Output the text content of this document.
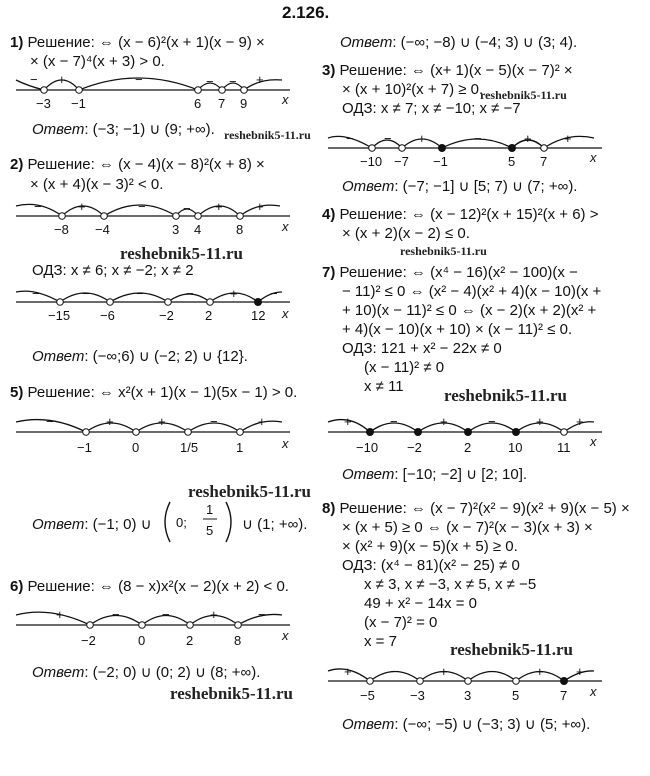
2.126.
1) Решение: ⇔ (x − 6)²(x + 1)(x − 9) ×
× (x − 7)⁴(x + 3) > 0.
− +	−	− − +
−3 −1	6 7 9	x
Ответ: (−3; −1) ∪ (9; +∞).
2) Решение: ⇔ (x − 4)(x − 8)²(x + 8) ×
× (x + 4)(x − 3)² < 0.
−	+	−	− +	+
−8 −4	3 4	8	x
ОДЗ: x ≠ 6; x ≠ −2; x ≠ 2
−	−	−	−	+ −
−15 −6	−2 2	12 x
Ответ: (−∞;6) ∪ (−2; 2) ∪ {12}.
5) Решение: ⇔ x²(x + 1)(x − 1)(5x − 1) > 0.
−	+	+	−	+
−1	0	1/5	1	x
Ответ: (−1; 0) ∪ 0;
1
5 ∪ (1; +∞).
6) Решение: ⇔ (8 − x)x²(x − 2)(x + 2) < 0.
+	−	−	+	−
−2	0	2	8	x
Ответ: (−2; 0) ∪ (0; 2) ∪ (8; +∞).
Ответ: (−∞; −8) ∪ (−4; 3) ∪ (3; 4).
3) Решение: ⇔ (x+ 1)(x − 5)(x − 7)² ×
× (x + 10)²(x + 7) ≥ 0.
ОДЗ: x ≠ 7; x ≠ −10; x ≠ −7
− − +	−	+ +
−10 −7 −1	5 7	x
Ответ: (−7; −1] ∪ [5; 7) ∪ (7; +∞).
4) Решение: ⇔ (x − 12)²(x + 15)²(x + 6) >
× (x + 2)(x − 2) ≤ 0.
7) Решение: ⇔ (x⁴ − 16)(x² − 100)(x −
− 11)² ≤ 0 ⇔ (x² − 4)(x² + 4)(x − 10)(x +
+ 10)(x − 11)² ≤ 0 ⇔ (x − 2)(x + 2)(x² +
+ 4)(x − 10)(x + 10) × (x − 11)² ≤ 0.
ОДЗ: 121 + x² − 22x ≠ 0
(x − 11)² ≠ 0
x ≠ 11
+	−	+	−	+ +
−10 −2	2	10	11 x
Ответ: [−10; −2] ∪ [2; 10].
8) Решение: ⇔ (x − 7)²(x² − 9)(x² + 9)(x − 5) ×
× (x + 5) ≥ 0 ⇔ (x − 7)²(x − 3)(x + 3) ×
× (x² + 9)(x − 5)(x + 5) ≥ 0.
ОДЗ: (x⁴ − 81)(x² − 25) ≠ 0
x ≠ 3, x ≠ −3, x ≠ 5, x ≠ −5
49 + x² − 14x = 0
(x − 7)² = 0
x = 7
+	−	+	−	+ +
−5	−3	3	5	7 x
Ответ: (−∞; −5) ∪ (−3; 3) ∪ (5; +∞).
reshebnik5-11.ru
reshebnik5-11.ru
reshebnik5-11.ru	reshebnik5-11.ru
reshebnik5-11.ru
reshebnik5-11.ru
reshebnik5-11.ru
reshebnik5-11.ru
